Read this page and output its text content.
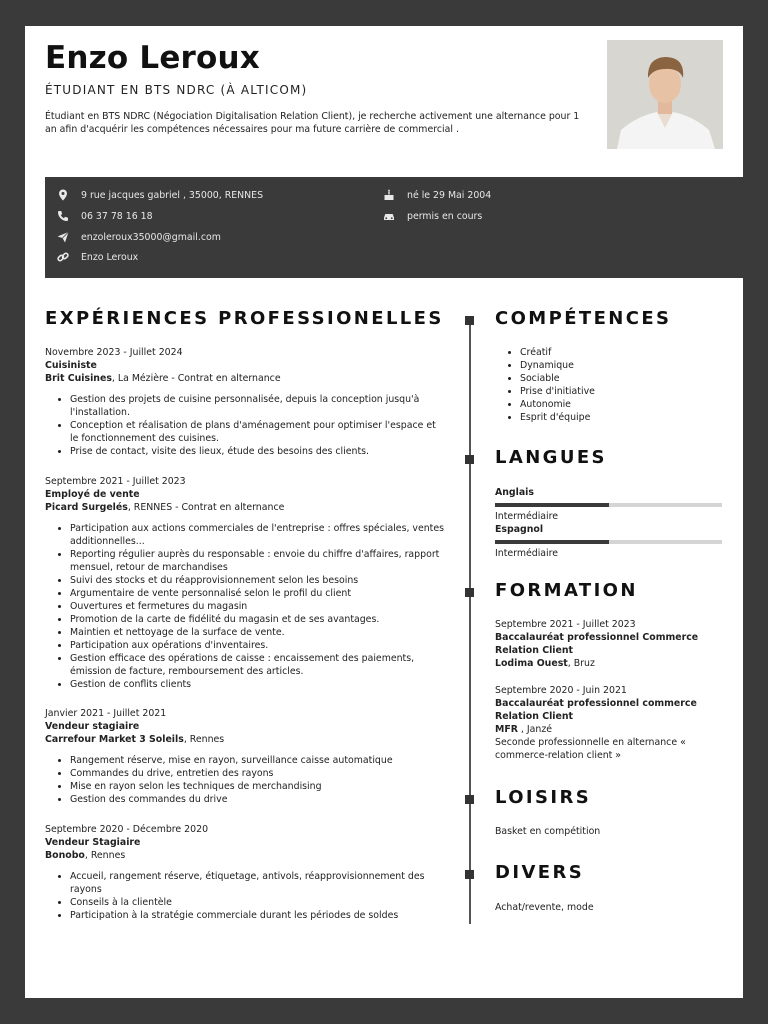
Enzo Leroux
ÉTUDIANT EN BTS NDRC (À ALTICOM)
Étudiant en BTS NDRC (Négociation Digitalisation Relation Client), je recherche activement une alternance pour 1 an afin d'acquérir les compétences nécessaires pour ma future carrière de commercial .
9 rue jacques gabriel , 35000, RENNES
06 37 78 16 18
enzoleroux35000@gmail.com
Enzo Leroux
né le 29 Mai 2004
permis en cours
EXPÉRIENCES PROFESSIONELLES
Novembre 2023 - Juillet 2024
Cuisiniste
Brit Cuisines, La Mézière - Contrat en alternance
• Gestion des projets de cuisine personnalisée, depuis la conception jusqu'à l'installation.
• Conception et réalisation de plans d'aménagement pour optimiser l'espace et le fonctionnement des cuisines.
• Prise de contact, visite des lieux, étude des besoins des clients.
Septembre 2021 - Juillet 2023
Employé de vente
Picard Surgelés, RENNES - Contrat en alternance
• Participation aux actions commerciales de l'entreprise : offres spéciales, ventes additionnelles...
• Reporting régulier auprès du responsable : envoie du chiffre d'affaires, rapport mensuel, retour de marchandises
• Suivi des stocks et du réapprovisionnement selon les besoins
• Argumentaire de vente personnalisé selon le profil du client
• Ouvertures et fermetures du magasin
• Promotion de la carte de fidélité du magasin et de ses avantages.
• Maintien et nettoyage de la surface de vente.
• Participation aux opérations d'inventaires.
• Gestion efficace des opérations de caisse : encaissement des paiements, émission de facture, remboursement des articles.
• Gestion de conflits clients
Janvier 2021 - Juillet 2021
Vendeur stagiaire
Carrefour Market 3 Soleils, Rennes
• Rangement réserve, mise en rayon, surveillance caisse automatique
• Commandes du drive, entretien des rayons
• Mise en rayon selon les techniques de merchandising
• Gestion des commandes du drive
Septembre 2020 - Décembre 2020
Vendeur Stagiaire
Bonobo, Rennes
• Accueil, rangement réserve, étiquetage, antivols, réapprovisionnement des rayons
• Conseils à la clientèle
• Participation à la stratégie commerciale durant les périodes de soldes
COMPÉTENCES
• Créatif
• Dynamique
• Sociable
• Prise d'initiative
• Autonomie
• Esprit d'équipe
LANGUES
Anglais
Intermédiaire
Espagnol
Intermédiaire
FORMATION
Septembre 2021 - Juillet 2023
Baccalauréat professionnel Commerce Relation Client
Lodima Ouest, Bruz
Septembre 2020 - Juin 2021
Baccalauréat professionnel commerce Relation Client
MFR , Janzé
Seconde professionnelle en alternance « commerce-relation client »
LOISIRS
Basket en compétition
DIVERS
Achat/revente, mode
